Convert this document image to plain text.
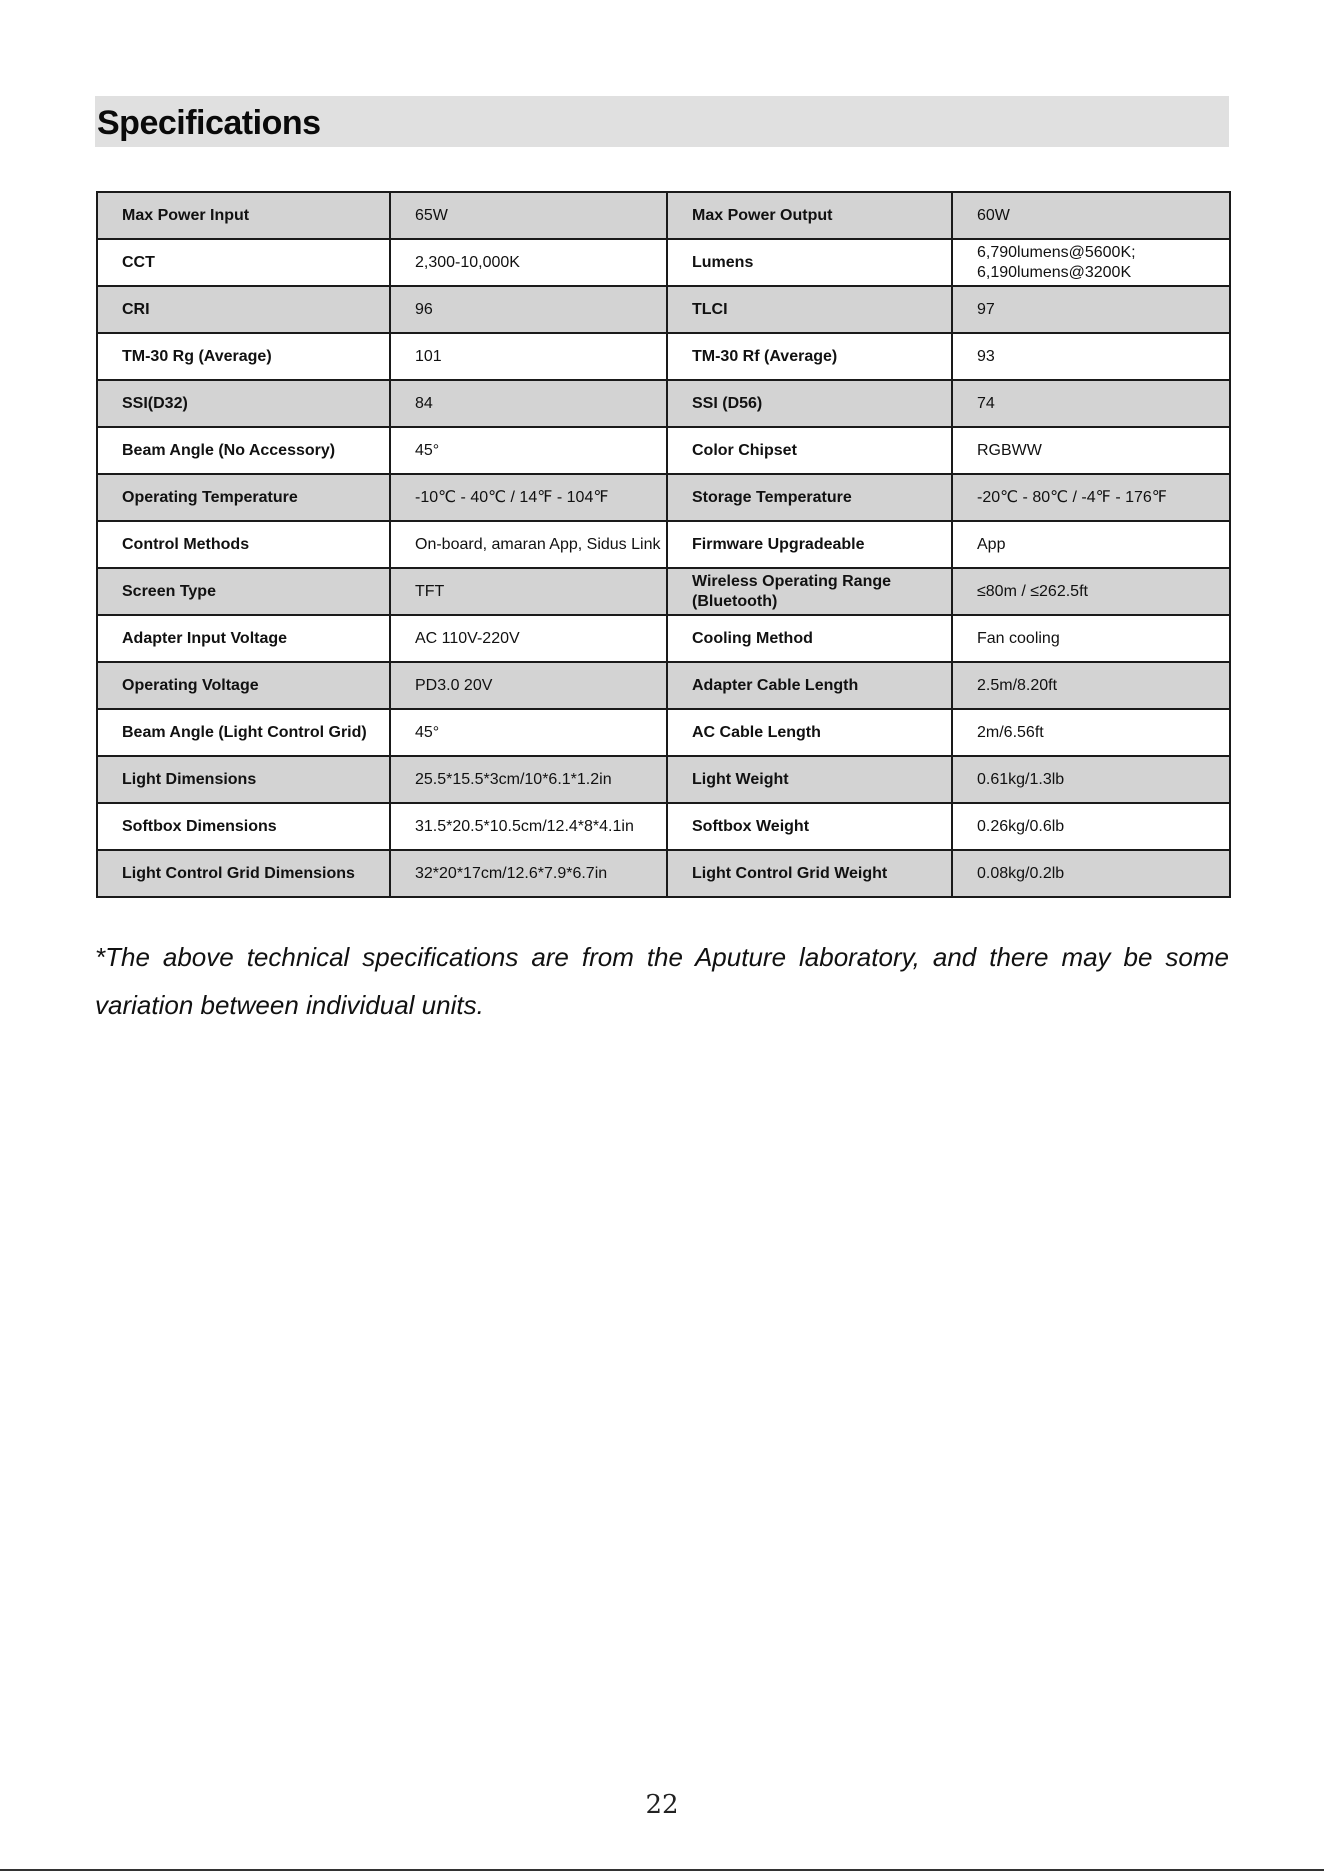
Specifications
Max Power Input	65W	Max Power Output	60W
CCT	2,300-10,000K	Lumens	6,790lumens@5600K;
6,190lumens@3200K
CRI	96	TLCI	97
TM-30 Rg (Average)	101	TM-30 Rf (Average)	93
SSI(D32)	84	SSI (D56)	74
Beam Angle (No Accessory)	45°	Color Chipset	RGBWW
Operating Temperature	-10℃ - 40℃ / 14℉ - 104℉	Storage Temperature	-20℃ - 80℃ / -4℉ - 176℉
Control Methods	On-board, amaran App, Sidus Link	Firmware Upgradeable	App
Screen Type	TFT	Wireless Operating Range (Bluetooth)	≤80m / ≤262.5ft
Adapter Input Voltage	AC 110V-220V	Cooling Method	Fan cooling
Operating Voltage	PD3.0 20V	Adapter Cable Length	2.5m/8.20ft
Beam Angle (Light Control Grid)	45°	AC Cable Length	2m/6.56ft
Light Dimensions	25.5*15.5*3cm/10*6.1*1.2in	Light Weight	0.61kg/1.3lb
Softbox Dimensions	31.5*20.5*10.5cm/12.4*8*4.1in	Softbox Weight	0.26kg/0.6lb
Light Control Grid Dimensions	32*20*17cm/12.6*7.9*6.7in	Light Control Grid Weight	0.08kg/0.2lb
*The above technical specifications are from the Aputure laboratory, and there may be some variation between individual units.
22
